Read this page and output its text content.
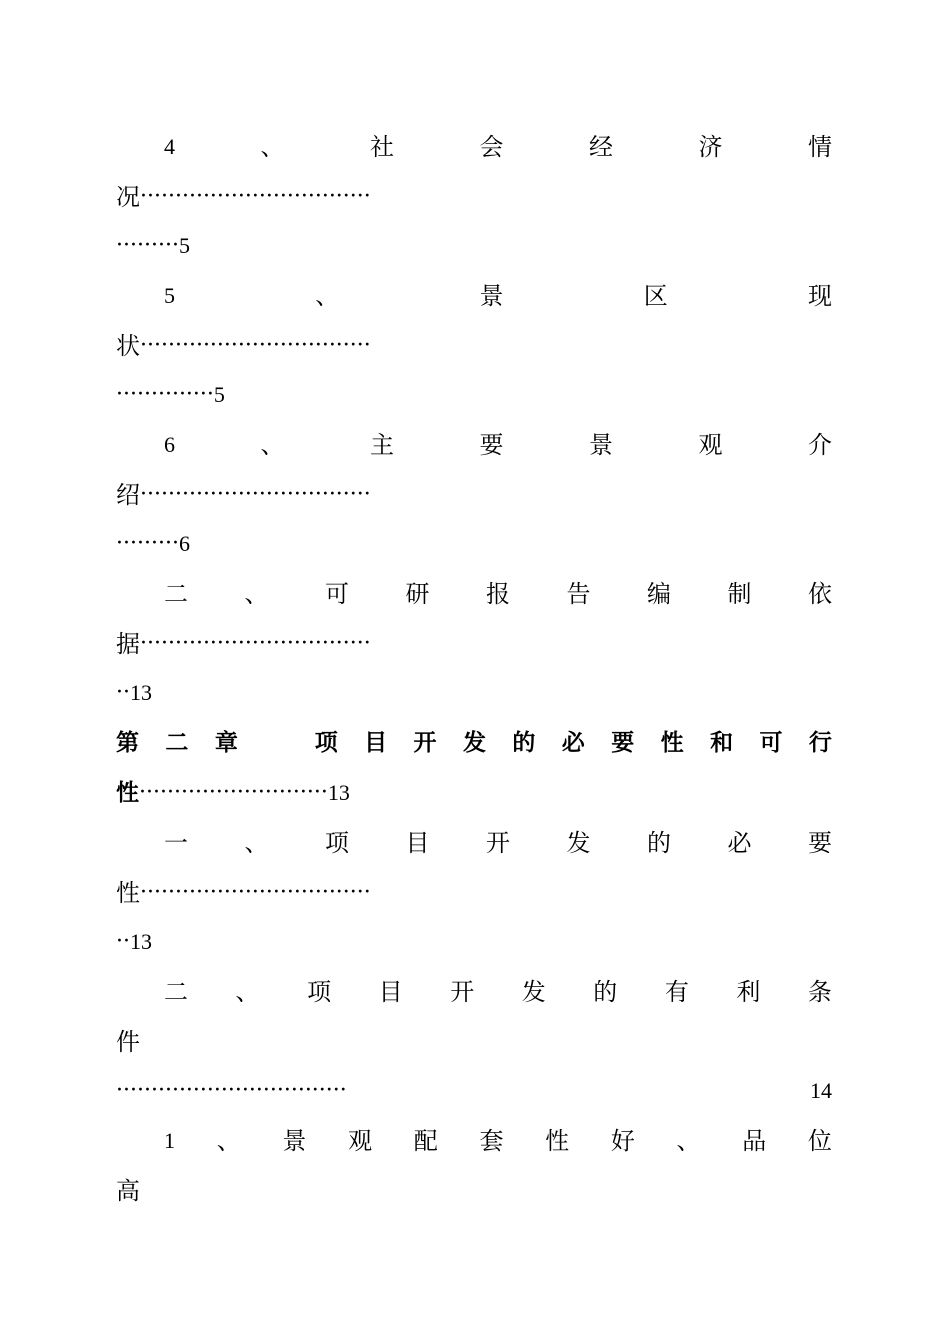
4	、	社	会	经	济	情
况 ·································
········· 5
5	、	景	区	现
状 ·································
·············· 5
6	、	主	要	景	观	介
绍 ·································
········· 6
二 、 可 研 报 告 编 制 依
据 ·································
·· 13
第 二 章	项 目 开 发 的 必 要 性 和 可 行
性 ··························· 13
一 、 项 目 开 发 的 必 要
性 ·································
·· 13
二 、 项 目 开 发 的 有 利 条
件
·································	14
1 、 景 观 配 套 性 好 、 品 位
高
